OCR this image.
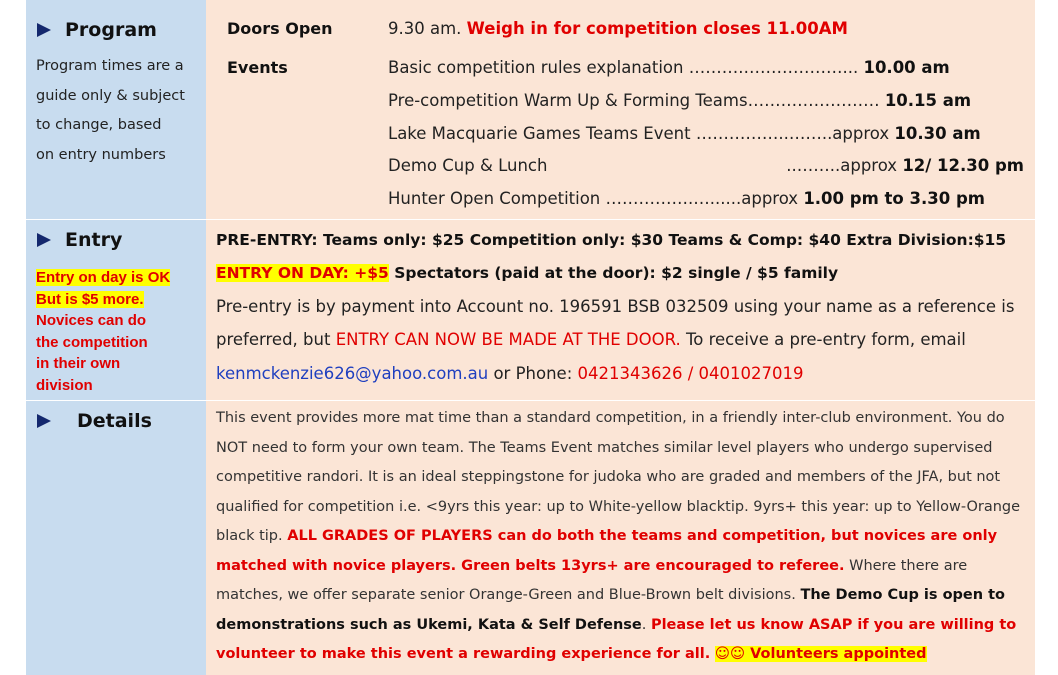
Program
Program times are a
guide only & subject
to change, based
on entry numbers
Doors Open	9.30 am. Weigh in for competition closes 11.00AM
Events	Basic competition rules explanation ……….………………... 10.00 am
Pre-competition Warm Up & Forming Teams…………………… 10.15 am
Lake Macquarie Games Teams Event ……………..……..approx 10.30 am
Demo Cup & Lunch	..……..approx 12/ 12.30 pm
Hunter Open Competition …………….…......approx 1.00 pm to 3.30 pm
Entry
Entry on day is OK
But is $5 more.
Novices can do
the competition
in their own
division
PRE-ENTRY: Teams only: $25 Competition only: $30 Teams & Comp: $40 Extra Division:$15
ENTRY ON DAY: +$5 Spectators (paid at the door): $2 single / $5 family
Pre-entry is by payment into Account no. 196591 BSB 032509 using your name as a reference is
preferred, but ENTRY CAN NOW BE MADE AT THE DOOR. To receive a pre-entry form, email
kenmckenzie626@yahoo.com.au or Phone: 0421343626 / 0401027019
Details	This event provides more mat time than a standard competition, in a friendly inter-club environment. You do NOT need to form your own team. The Teams Event matches similar level players who undergo supervised competitive randori. It is an ideal steppingstone for judoka who are graded and members of the JFA, but not qualified for competition i.e. <9yrs this year: up to White-yellow blacktip. 9yrs+ this year: up to Yellow-Orange black tip. ALL GRADES OF PLAYERS can do both the teams and competition, but novices are only matched with novice players. Green belts 13yrs+ are encouraged to referee. Where there are matches, we offer separate senior Orange-Green and Blue-Brown belt divisions. The Demo Cup is open to demonstrations such as Ukemi, Kata & Self Defense. Please let us know ASAP if you are willing to volunteer to make this event a rewarding experience for all. ☺☺ Volunteers appointed
